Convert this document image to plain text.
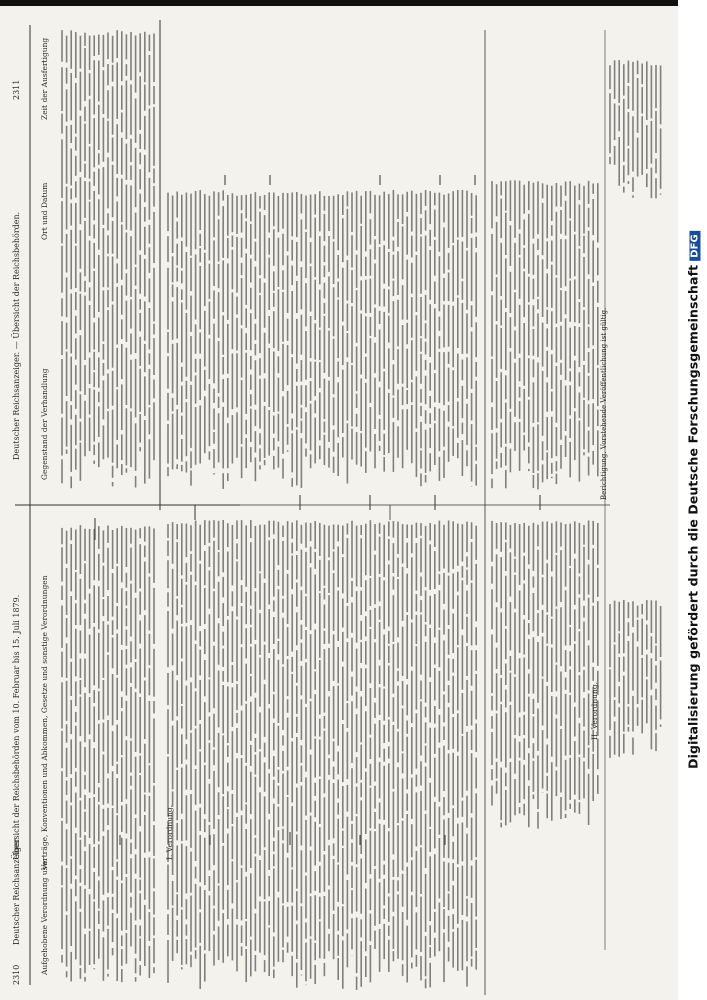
2310
Deutscher Reichsanzeiger
Übersicht der Reichsbehörden vom 10. Februar bis 15. Juli 1879.
Aufgehobene Verordnung usw.
Verträge, Konventionen und Abkommen, Gesetze und sonstige Verordnungen
Deutscher Reichsanzeiger. — Übersicht der Reichsbehörden.
2311
Gegenstand der Verhandlung
Ort und Datum
Zeit der Ausfertigung
I. Verordnung.
II. Verordnung.
Berichtigung. Vorstehende Veröffentlichung ist gültig.	Digitalisierung gefördert durch die Deutsche ForschungsgemeinschaftDFG
